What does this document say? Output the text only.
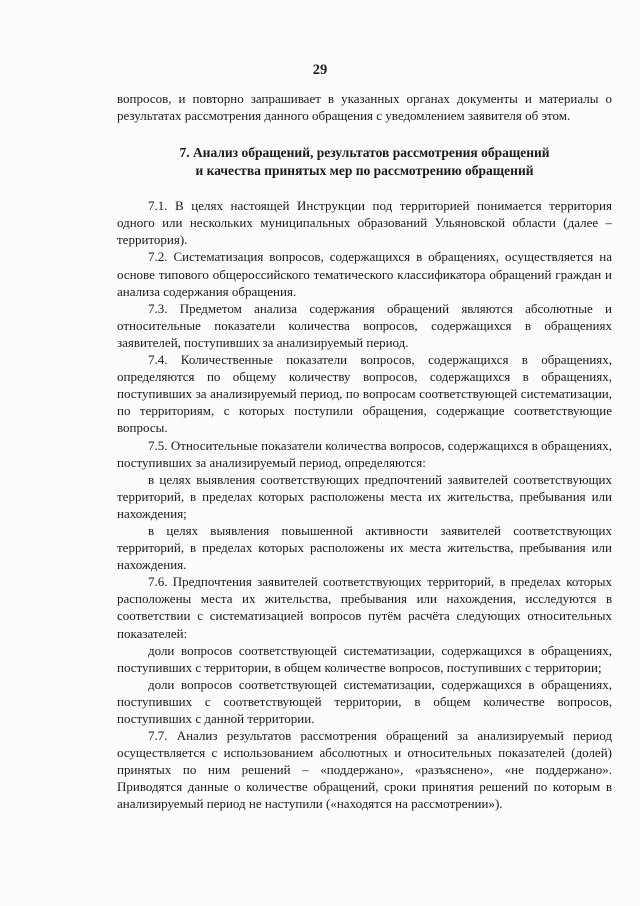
29

вопросов, и повторно запрашивает в указанных органах документы и материалы о результатах рассмотрения данного обращения с уведомлением заявителя об этом.

7. Анализ обращений, результатов рассмотрения обращений
и качества принятых мер по рассмотрению обращений

7.1. В целях настоящей Инструкции под территорией понимается территория одного или нескольких муниципальных образований Ульяновской области (далее – территория).

7.2. Систематизация вопросов, содержащихся в обращениях, осуществляется на основе типового общероссийского тематического классификатора обращений граждан и анализа содержания обращения.

7.3. Предметом анализа содержания обращений являются абсолютные и относительные показатели количества вопросов, содержащихся в обращениях заявителей, поступивших за анализируемый период.

7.4. Количественные показатели вопросов, содержащихся в обращениях, определяются по общему количеству вопросов, содержащихся в обращениях, поступивших за анализируемый период, по вопросам соответствующей систематизации, по территориям, с которых поступили обращения, содержащие соответствующие вопросы.

7.5. Относительные показатели количества вопросов, содержащихся в обращениях, поступивших за анализируемый период, определяются:

в целях выявления соответствующих предпочтений заявителей соответствующих территорий, в пределах которых расположены места их жительства, пребывания или нахождения;

в целях выявления повышенной активности заявителей соответствующих территорий, в пределах которых расположены их места жительства, пребывания или нахождения.

7.6. Предпочтения заявителей соответствующих территорий, в пределах которых расположены места их жительства, пребывания или нахождения, исследуются в соответствии с систематизацией вопросов путём расчёта следующих относительных показателей:

доли вопросов соответствующей систематизации, содержащихся в обращениях, поступивших с территории, в общем количестве вопросов, поступивших с территории;

доли вопросов соответствующей систематизации, содержащихся в обращениях, поступивших с соответствующей территории, в общем количестве вопросов, поступивших с данной территории.

7.7. Анализ результатов рассмотрения обращений за анализируемый период осуществляется с использованием абсолютных и относительных показателей (долей) принятых по ним решений – «поддержано», «разъяснено», «не поддержано». Приводятся данные о количестве обращений, сроки принятия решений по которым в анализируемый период не наступили («находятся на рассмотрении»).
